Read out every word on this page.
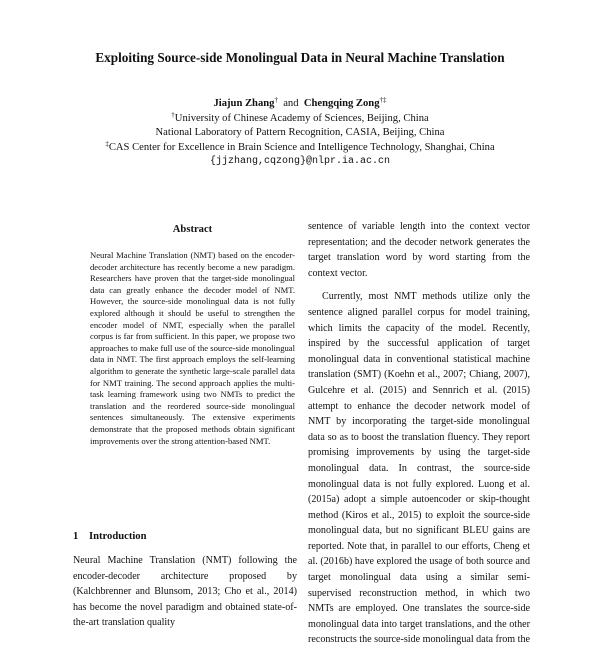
Exploiting Source-side Monolingual Data in Neural Machine Translation
Jiajun Zhang† and Chengqing Zong†‡
†University of Chinese Academy of Sciences, Beijing, China
National Laboratory of Pattern Recognition, CASIA, Beijing, China
‡CAS Center for Excellence in Brain Science and Intelligence Technology, Shanghai, China
{jjzhang,cqzong}@nlpr.ia.ac.cn
Abstract
Neural Machine Translation (NMT) based on the encoder-decoder architecture has recently become a new paradigm. Researchers have proven that the target-side monolingual data can greatly enhance the decoder model of NMT. However, the source-side monolingual data is not fully explored although it should be useful to strengthen the encoder model of NMT, especially when the parallel corpus is far from sufficient. In this paper, we propose two approaches to make full use of the source-side monolingual data in NMT. The first approach employs the self-learning algorithm to generate the synthetic large-scale parallel data for NMT training. The second approach applies the multi-task learning framework using two NMTs to predict the translation and the reordered source-side monolingual sentences simultaneously. The extensive experiments demonstrate that the proposed methods obtain significant improvements over the strong attention-based NMT.
1 Introduction
Neural Machine Translation (NMT) following the encoder-decoder architecture proposed by (Kalchbrenner and Blunsom, 2013; Cho et al., 2014) has become the novel paradigm and obtained state-of-the-art translation quality

sentence of variable length into the context vector representation; and the decoder network generates the target translation word by word starting from the context vector.

Currently, most NMT methods utilize only the sentence aligned parallel corpus for model training, which limits the capacity of the model. Recently, inspired by the successful application of target monolingual data in conventional statistical machine translation (SMT) (Koehn et al., 2007; Chiang, 2007), Gulcehre et al. (2015) and Sennrich et al. (2015) attempt to enhance the decoder network model of NMT by incorporating the target-side monolingual data so as to boost the translation fluency. They report promising improvements by using the target-side monolingual data. In contrast, the source-side monolingual data is not fully explored. Luong et al. (2015a) adopt a simple autoencoder or skip-thought method (Kiros et al., 2015) to exploit the source-side monolingual data, but no significant BLEU gains are reported. Note that, in parallel to our efforts, Cheng et al. (2016b) have explored the usage of both source and target monolingual data using a similar semi-supervised reconstruction method, in which two NMTs are employed. One translates the source-side monolingual data into target translations, and the other reconstructs the source-side monolingual data from the
